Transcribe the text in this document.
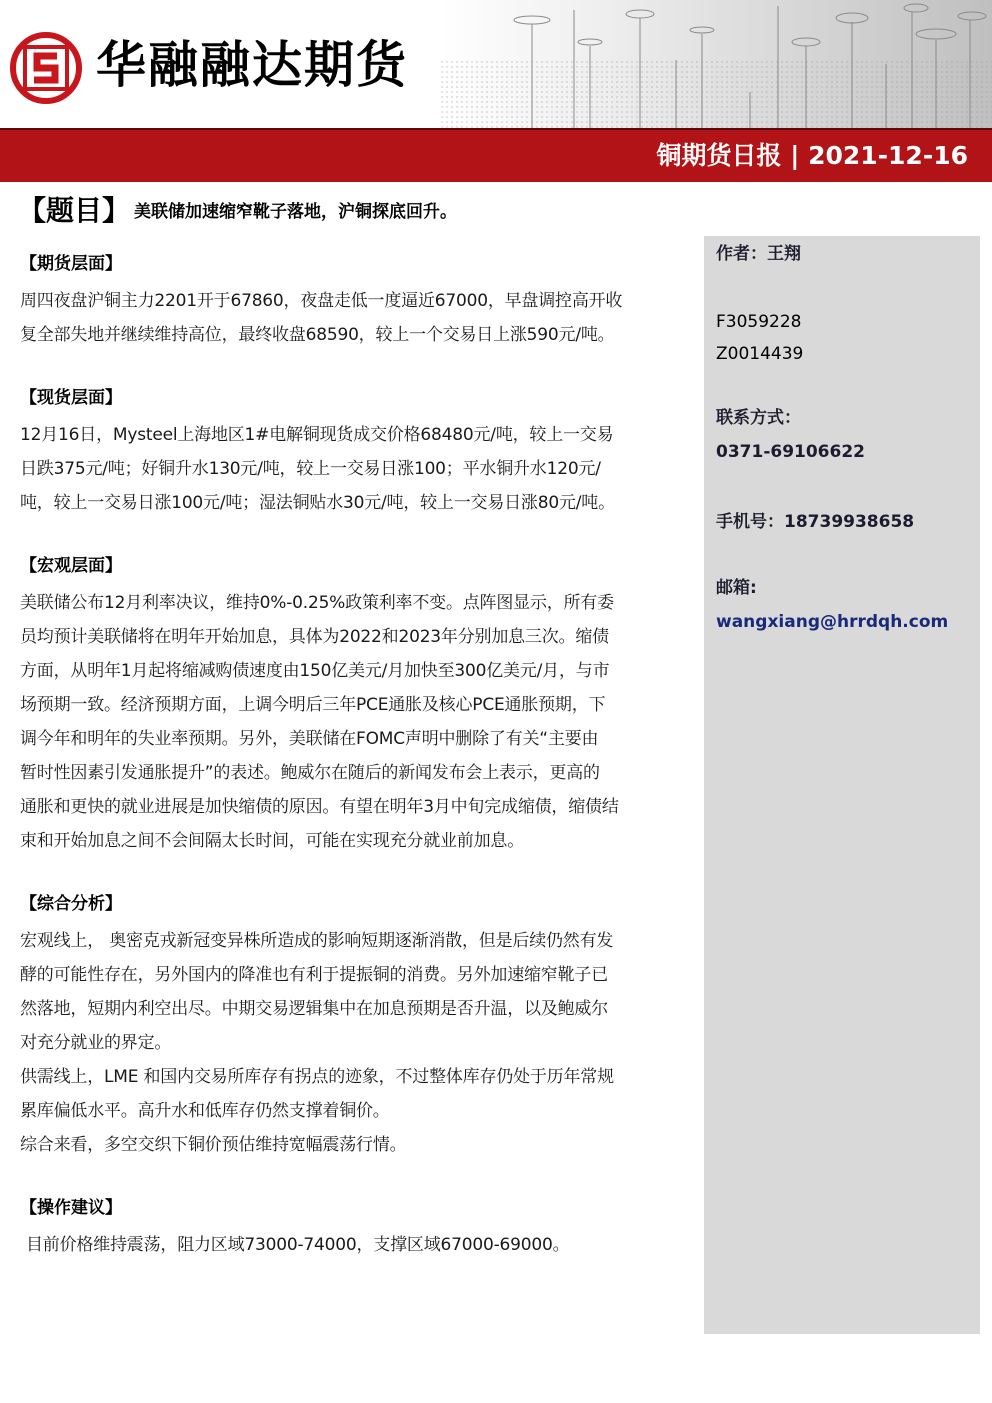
华融融达期货
铜期货日报 | 2021-12-16
【题目】 美联储加速缩窄靴子落地，沪铜探底回升。
【期货层面】

周四夜盘沪铜主力2201开于67860，夜盘走低一度逼近67000，早盘调控高开收

复全部失地并继续维持高位，最终收盘68590，较上一个交易日上涨590元/吨。

【现货层面】

12月16日，Mysteel上海地区1#电解铜现货成交价格68480元/吨，较上一交易

日跌375元/吨；好铜升水130元/吨，较上一交易日涨100；平水铜升水120元/

吨，较上一交易日涨100元/吨；湿法铜贴水30元/吨，较上一交易日涨80元/吨。

【宏观层面】

美联储公布12月利率决议，维持0%-0.25%政策利率不变。点阵图显示，所有委

员均预计美联储将在明年开始加息，具体为2022和2023年分别加息三次。缩债

方面，从明年1月起将缩减购债速度由150亿美元/月加快至300亿美元/月，与市

场预期一致。经济预期方面，上调今明后三年PCE通胀及核心PCE通胀预期，下

调今年和明年的失业率预期。另外，美联储在FOMC声明中删除了有关“主要由

暂时性因素引发通胀提升”的表述。鲍威尔在随后的新闻发布会上表示，更高的

通胀和更快的就业进展是加快缩债的原因。有望在明年3月中旬完成缩债，缩债结

束和开始加息之间不会间隔太长时间，可能在实现充分就业前加息。

【综合分析】

宏观线上， 奥密克戎新冠变异株所造成的影响短期逐渐消散，但是后续仍然有发

酵的可能性存在，另外国内的降准也有利于提振铜的消费。另外加速缩窄靴子已

然落地，短期内利空出尽。中期交易逻辑集中在加息预期是否升温，以及鲍威尔

对充分就业的界定。

供需线上，LME 和国内交易所库存有拐点的迹象，不过整体库存仍处于历年常规

累库偏低水平。高升水和低库存仍然支撑着铜价。

综合来看，多空交织下铜价预估维持宽幅震荡行情。

【操作建议】

目前价格维持震荡，阻力区域73000-74000，支撑区域67000-69000。

作者：王翔
F3059228
Z0014439
联系方式：
0371-69106622
手机号：18739938658
邮箱:
wangxiang@hrrdqh.com
